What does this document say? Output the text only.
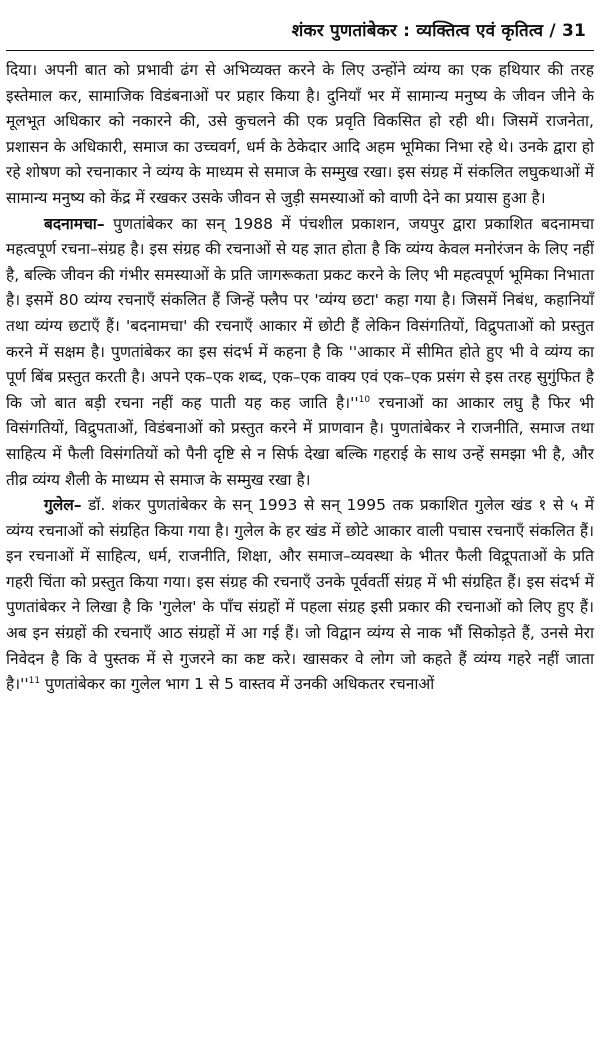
शंकर पुणतांबेकर : व्यक्तित्व एवं कृतित्व / 31

दिया। अपनी बात को प्रभावी ढंग से अभिव्यक्त करने के लिए उन्होंने व्यंग्य का एक हथियार की तरह इस्तेमाल कर, सामाजिक विडंबनाओं पर प्रहार किया है। दुनियाँ भर में सामान्य मनुष्य के जीवन जीने के मूलभूत अधिकार को नकारने की, उसे कुचलने की एक प्रवृति विकसित हो रही थी। जिसमें राजनेता, प्रशासन के अधिकारी, समाज का उच्चवर्ग, धर्म के ठेकेदार आदि अहम भूमिका निभा रहे थे। उनके द्वारा हो रहे शोषण को रचनाकार ने व्यंग्य के माध्यम से समाज के सम्मुख रखा। इस संग्रह में संकलित लघुकथाओं में सामान्य मनुष्य को केंद्र में रखकर उसके जीवन से जुड़ी समस्याओं को वाणी देने का प्रयास हुआ है।

बदनामचा– पुणतांबेकर का सन् 1988 में पंचशील प्रकाशन, जयपुर द्वारा प्रकाशित बदनामचा महत्वपूर्ण रचना–संग्रह है। इस संग्रह की रचनाओं से यह ज्ञात होता है कि व्यंग्य केवल मनोरंजन के लिए नहीं है, बल्कि जीवन की गंभीर समस्याओं के प्रति जागरूकता प्रकट करने के लिए भी महत्वपूर्ण भूमिका निभाता है। इसमें 80 व्यंग्य रचनाएँ संकलित हैं जिन्हें फ्लैप पर 'व्यंग्य छटा' कहा गया है। जिसमें निबंध, कहानियाँ तथा व्यंग्य छटाएँ हैं। 'बदनामचा' की रचनाएँ आकार में छोटी हैं लेकिन विसंगतियों, विद्रुपताओं को प्रस्तुत करने में सक्षम है। पुणतांबेकर का इस संदर्भ में कहना है कि ''आकार में सीमित होते हुए भी वे व्यंग्य का पूर्ण बिंब प्रस्तुत करती है। अपने एक–एक शब्द, एक–एक वाक्य एवं एक–एक प्रसंग से इस तरह सुगुंफित है कि जो बात बड़ी रचना नहीं कह पाती यह कह जाति $है।''^{10}$ रचनाओं का आकार लघु है फिर भी विसंगतियों, विद्रुपताओं, विडंबनाओं को प्रस्तुत करने में प्राणवान है। पुणतांबेकर ने राजनीति, समाज तथा साहित्य में फैली विसंगतियों को पैनी दृष्टि से न सिर्फ देखा बल्कि गहराई के साथ उन्हें समझा भी है, और तीव्र व्यंग्य शैली के माध्यम से समाज के सम्मुख रखा है।

गुलेल– डॉ. शंकर पुणतांबेकर के सन् 1993 से सन् 1995 तक प्रकाशित गुलेल खंड १ से ५ में व्यंग्य रचनाओं को संग्रहित किया गया है। गुलेल के हर खंड में छोटे आकार वाली पचास रचनाएँ संकलित हैं। इन रचनाओं में साहित्य, धर्म, राजनीति, शिक्षा, और समाज–व्यवस्था के भीतर फैली विद्रूपताओं के प्रति गहरी चिंता को प्रस्तुत किया गया। इस संग्रह की रचनाएँ उनके पूर्ववर्ती संग्रह में भी संग्रहित हैं। इस संदर्भ में पुणतांबेकर ने लिखा है कि 'गुलेल' के पाँच संग्रहों में पहला संग्रह इसी प्रकार की रचनाओं को लिए हुए हैं। अब इन संग्रहों की रचनाएँ आठ संग्रहों में आ गई हैं। जो विद्वान व्यंग्य से नाक भौं सिकोड़ते हैं, उनसे मेरा निवेदन है कि वे पुस्तक में से गुजरने का कष्ट करे। खासकर वे लोग जो कहते हैं व्यंग्य गहरे नहीं जाता $है।''^{11}$ पुणतांबेकर का गुलेल भाग 1 से 5 वास्तव में उनकी अधिकतर रचनाओं
